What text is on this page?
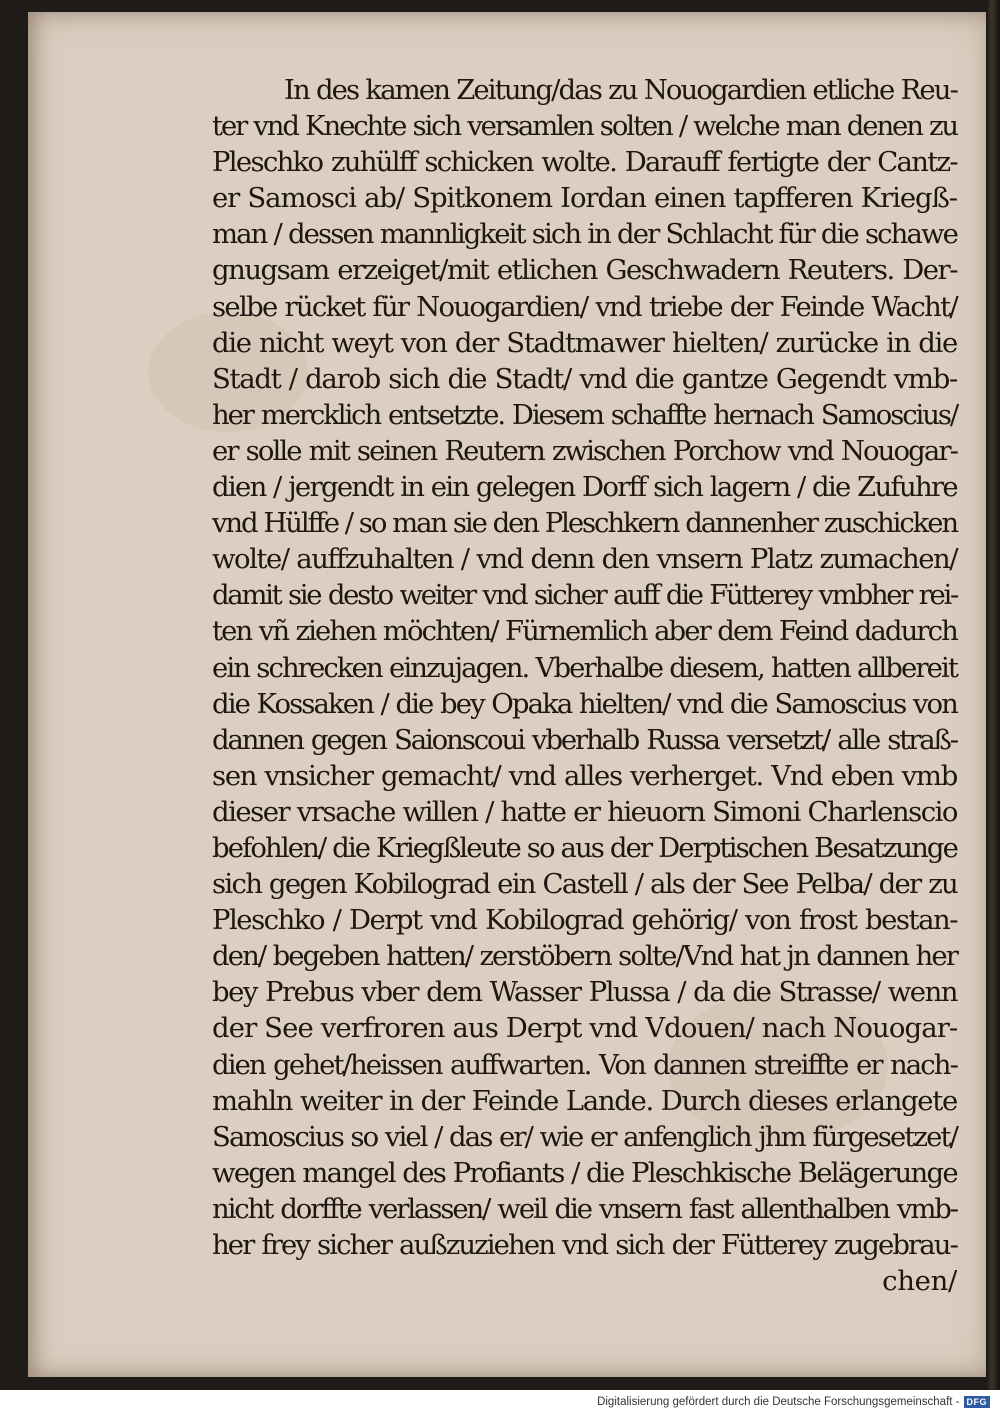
In des kamen Zeitung/das zu Nouogardien etliche Reu-
ter vnd Knechte sich versamlen solten / welche man denen zu
Pleschko zuhülff schicken wolte. Darauff fertigte der Cantz-
er Samosci ab/ Spitkonem Iordan einen tapfferen Kriegß-
man / dessen mannligkeit sich in der Schlacht für die schawe
gnugsam erzeiget/mit etlichen Geschwadern Reuters. Der-
selbe rücket für Nouogardien/ vnd triebe der Feinde Wacht/
die nicht weyt von der Stadtmawer hielten/ zurücke in die
Stadt / darob sich die Stadt/ vnd die gantze Gegendt vmb-
her mercklich entsetzte. Diesem schaffte hernach Samoscius/
er solle mit seinen Reutern zwischen Porchow vnd Nouogar-
dien / jergendt in ein gelegen Dorff sich lagern / die Zufuhre
vnd Hülffe / so man sie den Pleschkern dannenher zuschicken
wolte/ auffzuhalten / vnd denn den vnsern Platz zumachen/
damit sie desto weiter vnd sicher auff die Fütterey vmbher rei-
ten vñ ziehen möchten/ Fürnemlich aber dem Feind dadurch
ein schrecken einzujagen. Vberhalbe diesem, hatten allbereit
die Kossaken / die bey Opaka hielten/ vnd die Samoscius von
dannen gegen Saionscoui vberhalb Russa versetzt/ alle straß-
sen vnsicher gemacht/ vnd alles verherget. Vnd eben vmb
dieser vrsache willen / hatte er hieuorn Simoni Charlenscio
befohlen/ die Kriegßleute so aus der Derptischen Besatzunge
sich gegen Kobilograd ein Castell / als der See Pelba/ der zu
Pleschko / Derpt vnd Kobilograd gehörig/ von frost bestan-
den/ begeben hatten/ zerstöbern solte/Vnd hat jn dannen her
bey Prebus vber dem Wasser Plussa / da die Strasse/ wenn
der See verfroren aus Derpt vnd Vdouen/ nach Nouogar-
dien gehet/heissen auffwarten. Von dannen streiffte er nach-
mahln weiter in der Feinde Lande. Durch dieses erlangete
Samoscius so viel / das er/ wie er anfenglich jhm fürgesetzet/
wegen mangel des Profiants / die Pleschkische Belägerunge
nicht dorffte verlassen/ weil die vnsern fast allenthalben vmb-
her frey sicher außzuziehen vnd sich der Fütterey zugebrau-
chen/
Digitalisierung gefördert durch die Deutsche Forschungsgemeinschaft - DFG
